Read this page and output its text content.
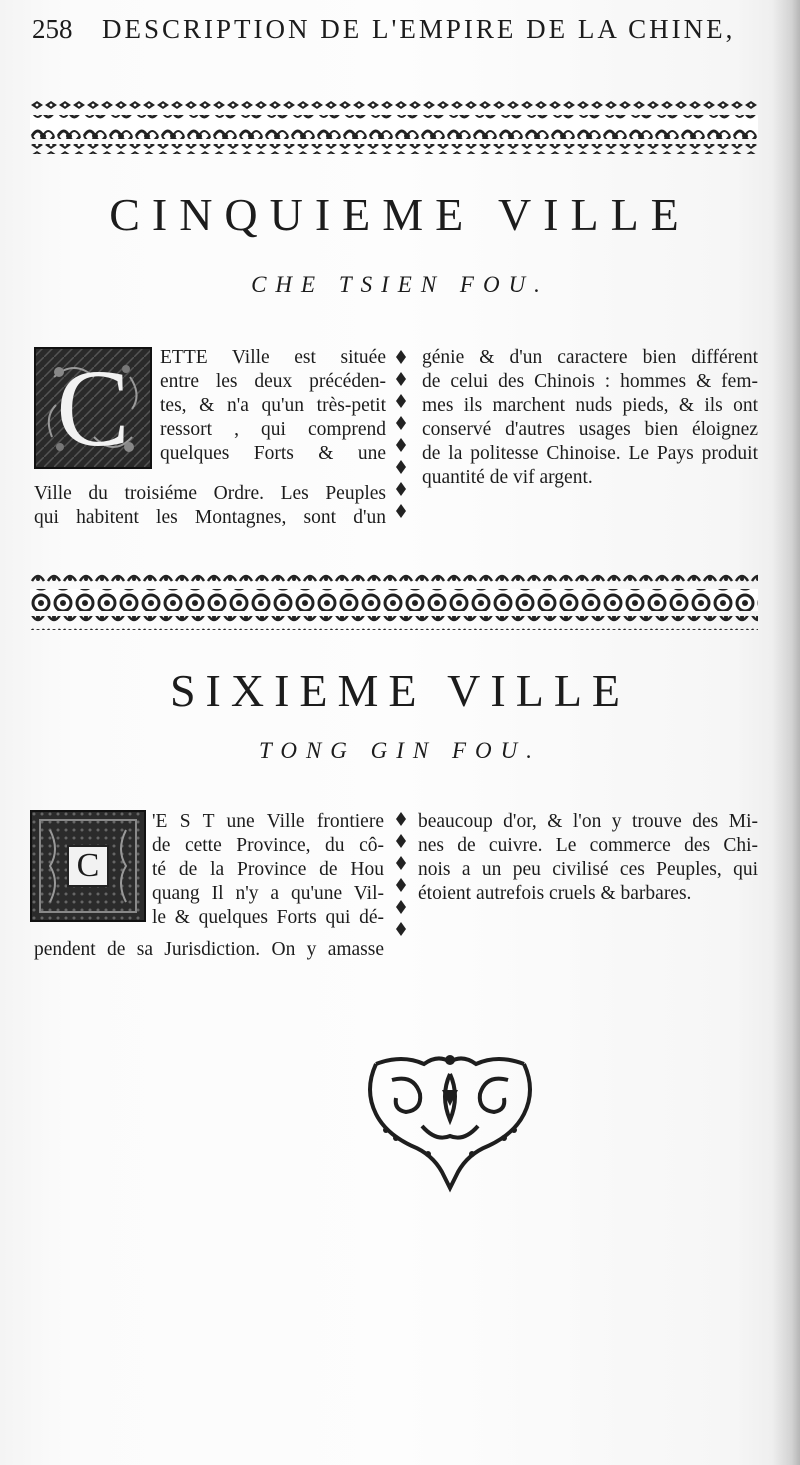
258 DESCRIPTION DE L'EMPIRE DE LA CHINE,
CINQUIEME VILLE
CHE TSIEN FOU.
C	ETTE Ville est située
entre les deux précéden-
tes, & n'a qu'un très-petit
ressort , qui comprend
quelques Forts & une
Ville du troisiéme Ordre. Les Peuples
qui habitent les Montagnes, sont d'un
génie & d'un caractere bien différent
de celui des Chinois : hommes & fem-
mes ils marchent nuds pieds, & ils ont
conservé d'autres usages bien éloignez
de la politesse Chinoise. Le Pays produit
quantité de vif argent.
SIXIEME VILLE
TONG GIN FOU.
C
'E S T une Ville frontiere
de cette Province, du cô-
té de la Province de Hou
quang Il n'y a qu'une Vil-
le & quelques Forts qui dé-
pendent de sa Jurisdiction. On y amasse
beaucoup d'or, & l'on y trouve des Mi-
nes de cuivre. Le commerce des Chi-
nois a un peu civilisé ces Peuples, qui
étoient autrefois cruels & barbares.
